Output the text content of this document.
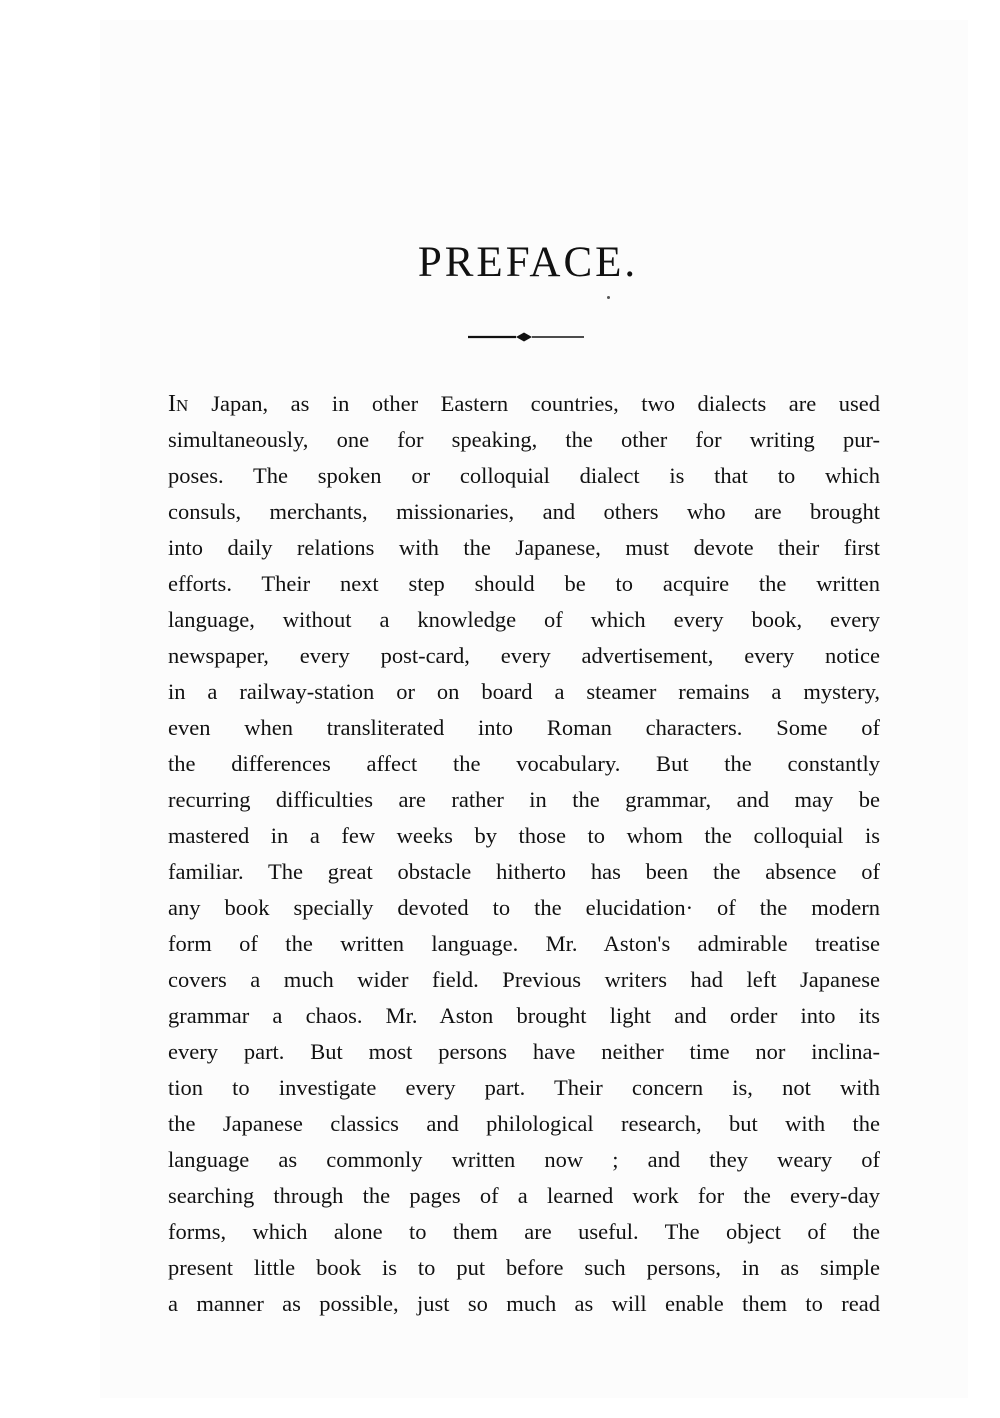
PREFACE.
IN Japan, as in other Eastern countries, two dialects are used
simultaneously, one for speaking, the other for writing pur-
poses. The spoken or colloquial dialect is that to which
consuls, merchants, missionaries, and others who are brought
into daily relations with the Japanese, must devote their first
efforts. Their next step should be to acquire the written
language, without a knowledge of which every book, every
newspaper, every post-card, every advertisement, every notice
in a railway-station or on board a steamer remains a mystery,
even when transliterated into Roman characters. Some of
the differences affect the vocabulary. But the constantly
recurring difficulties are rather in the grammar, and may be
mastered in a few weeks by those to whom the colloquial is
familiar. The great obstacle hitherto has been the absence of
any book specially devoted to the elucidation· of the modern
form of the written language. Mr. Aston's admirable treatise
covers a much wider field. Previous writers had left Japanese
grammar a chaos. Mr. Aston brought light and order into its
every part. But most persons have neither time nor inclina-
tion to investigate every part. Their concern is, not with
the Japanese classics and philological research, but with the
language as commonly written now ; and they weary of
searching through the pages of a learned work for the every-day
forms, which alone to them are useful. The object of the
present little book is to put before such persons, in as simple
a manner as possible, just so much as will enable them to read
